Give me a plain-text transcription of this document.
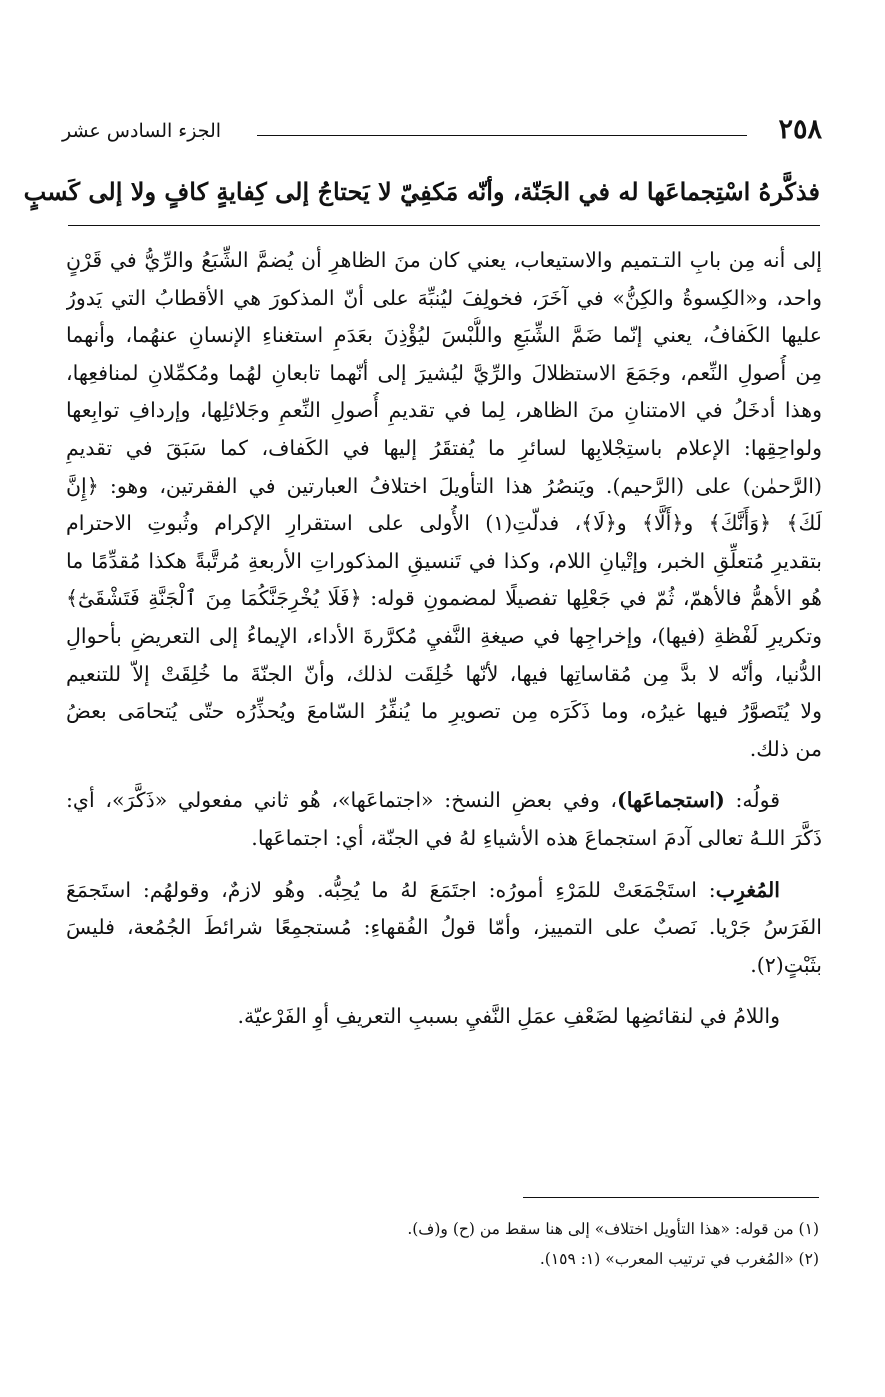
٢٥٨
الجزء السادس عشر
فذكَّرهُ اسْتِجماعَها له في الجَنّة، وأنّه مَكفِيّ لا يَحتاجُ إلى كِفايةٍ كافٍ ولا إلى كَسبٍ

إلى أنه مِن بابِ التـتميم والاستيعاب، يعني كان منَ الظاهرِ أن يُضمَّ الشِّبَعُ والرِّيُّ في قَرْنٍ
واحد، و«الكِسوةُ والكِنُّ» في آخَرَ، فخولِفَ ليُنبِّهَ على أنّ المذكورَ هي الأقطابُ التي يَدورُ
عليها الكَفافُ، يعني إنّما ضَمَّ الشِّبَعِ واللُّبْسَ ليُؤْذِنَ بعَدَمِ استغناءِ الإنسانِ عنهُما، وأنهما
مِن أُصولِ النِّعم، وجَمَعَ الاستظلالَ والرِّيَّ ليُشيرَ إلى أنّهما تابعانِ لهُما ومُكمِّلانِ لمنافعِها،
وهذا أدخَلُ في الامتنانِ منَ الظاهر، لِما في تقديمِ أُصولِ النِّعمِ وجَلائلِها، وإردافِ توابِعها
ولواحِقِها: الإعلام باستِجْلابِها لسائرِ ما يُفتقَرُ إليها في الكَفاف، كما سَبَقَ في تقديمِ
(الرَّحمٰن) على (الرَّحيم). ويَنصُرُ هذا التأويلَ اختلافُ العبارتين في الفقرتين، وهو: ﴿إِنَّ
لَكَ﴾ ﴿وَأَنَّكَ﴾ و﴿أَلَّا﴾ و﴿لَا﴾، فدلّتِ(١) الأُولى على استقرارِ الإكرام وثُبوتِ الاحترام
بتقديرِ مُتعلِّقِ الخبر، وإتْيانِ اللام، وكذا في تَنسيقِ المذكوراتِ الأربعةِ مُرتَّبةً هكذا مُقدِّمًا ما
هُو الأهمُّ فالأهمّ، ثُمّ في جَعْلِها تفصيلًا لمضمونِ قوله: ﴿فَلَا يُخْرِجَنَّكُمَا مِنَ ٱلْجَنَّةِ فَتَشْقَىٰٓ﴾
وتكريرِ لَفْظةِ (فيها)، وإخراجِها في صيغةِ النَّفيِ مُكرَّرةَ الأداء، الإيماءُ إلى التعريضِ بأحوالِ
الدُّنيا، وأنّه لا بدَّ مِن مُقاساتِها فيها، لأنّها خُلِقَت لذلك، وأنّ الجنّةَ ما خُلِقَتْ إلاّ للتنعيم
ولا يُتَصوَّرُ فيها غيرُه، وما ذَكَرَه مِن تصويرِ ما يُنفِّرُ السّامعَ ويُحذِّرُه حتّى يُتحامَى بعضُ
من ذلك.

قولُه: (استجماعَها)، وفي بعضِ النسخ: «اجتماعَها»، هُو ثاني مفعولي «ذَكَّرَ»، أي:
ذَكَّرَ اللـهُ تعالى آدمَ استجماعَ هذه الأشياءِ لهُ في الجنّة، أي: اجتماعَها.

المُغرِب: استَجْمَعَتْ للمَرْءِ أمورُه: اجتَمَعَ لهُ ما يُحِبُّه. وهُو لازمٌ، وقولهُم: استَجمَعَ
الفَرَسُ جَرْيا. نَصبٌ على التمييز، وأمّا قولُ الفُقهاءِ: مُستجمِعًا شرائطَ الجُمُعة، فليسَ
بثَبْتٍ(٢).

واللامُ في لنقائضِها لضَعْفِ عمَلِ النَّفيِ بسببِ التعريفِ أوِ الفَرْعيّة.

(١) من قوله: «هذا التأويل اختلاف» إلى هنا سقط من (ح) و(ف).
(٢) «المُغرب في ترتيب المعرب» (١: ١٥٩).
